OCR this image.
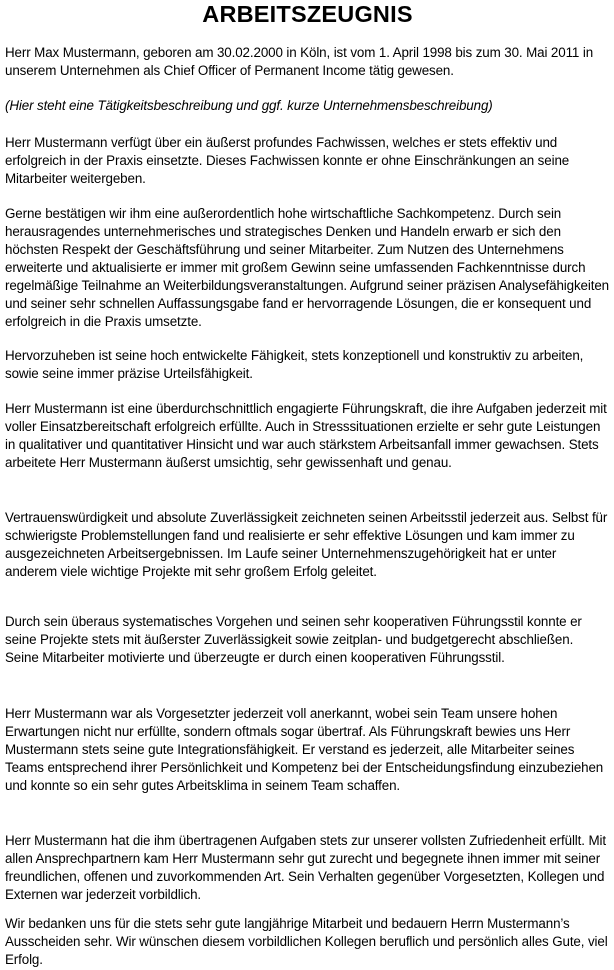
ARBEITSZEUGNIS

Herr Max Mustermann, geboren am 30.02.2000 in Köln, ist vom 1. April 1998 bis zum 30. Mai 2011 in unserem Unternehmen als Chief Officer of Permanent Income tätig gewesen.

(Hier steht eine Tätigkeitsbeschreibung und ggf. kurze Unternehmensbeschreibung)

Herr Mustermann verfügt über ein äußerst profundes Fachwissen, welches er stets effektiv und erfolgreich in der Praxis einsetzte. Dieses Fachwissen konnte er ohne Einschränkungen an seine Mitarbeiter weitergeben.

Gerne bestätigen wir ihm eine außerordentlich hohe wirtschaftliche Sachkompetenz. Durch sein herausragendes unternehmerisches und strategisches Denken und Handeln erwarb er sich den höchsten Respekt der Geschäftsführung und seiner Mitarbeiter. Zum Nutzen des Unternehmens erweiterte und aktualisierte er immer mit großem Gewinn seine umfassenden Fachkenntnisse durch regelmäßige Teilnahme an Weiterbildungsveranstaltungen. Aufgrund seiner präzisen Analysefähigkeiten und seiner sehr schnellen Auffassungsgabe fand er hervorragende Lösungen, die er konsequent und erfolgreich in die Praxis umsetzte.

Hervorzuheben ist seine hoch entwickelte Fähigkeit, stets konzeptionell und konstruktiv zu arbeiten, sowie seine immer präzise Urteilsfähigkeit.

Herr Mustermann ist eine überdurchschnittlich engagierte Führungskraft, die ihre Aufgaben jederzeit mit voller Einsatzbereitschaft erfolgreich erfüllte. Auch in Stresssituationen erzielte er sehr gute Leistungen in qualitativer und quantitativer Hinsicht und war auch stärkstem Arbeitsanfall immer gewachsen. Stets arbeitete Herr Mustermann äußerst umsichtig, sehr gewissenhaft und genau.

Vertrauenswürdigkeit und absolute Zuverlässigkeit zeichneten seinen Arbeitsstil jederzeit aus. Selbst für schwierigste Problemstellungen fand und realisierte er sehr effektive Lösungen und kam immer zu ausgezeichneten Arbeitsergebnissen. Im Laufe seiner Unternehmenszugehörigkeit hat er unter anderem viele wichtige Projekte mit sehr großem Erfolg geleitet.

Durch sein überaus systematisches Vorgehen und seinen sehr kooperativen Führungsstil konnte er seine Projekte stets mit äußerster Zuverlässigkeit sowie zeitplan- und budgetgerecht abschließen. Seine Mitarbeiter motivierte und überzeugte er durch einen kooperativen Führungsstil.

Herr Mustermann war als Vorgesetzter jederzeit voll anerkannt, wobei sein Team unsere hohen Erwartungen nicht nur erfüllte, sondern oftmals sogar übertraf. Als Führungskraft bewies uns Herr Mustermann stets seine gute Integrationsfähigkeit. Er verstand es jederzeit, alle Mitarbeiter seines Teams entsprechend ihrer Persönlichkeit und Kompetenz bei der Entscheidungsfindung einzubeziehen und konnte so ein sehr gutes Arbeitsklima in seinem Team schaffen.

Herr Mustermann hat die ihm übertragenen Aufgaben stets zur unserer vollsten Zufriedenheit erfüllt. Mit allen Ansprechpartnern kam Herr Mustermann sehr gut zurecht und begegnete ihnen immer mit seiner freundlichen, offenen und zuvorkommenden Art. Sein Verhalten gegenüber Vorgesetzten, Kollegen und Externen war jederzeit vorbildlich.

Wir bedanken uns für die stets sehr gute langjährige Mitarbeit und bedauern Herrn Mustermann’s Ausscheiden sehr. Wir wünschen diesem vorbildlichen Kollegen beruflich und persönlich alles Gute, viel Erfolg.
